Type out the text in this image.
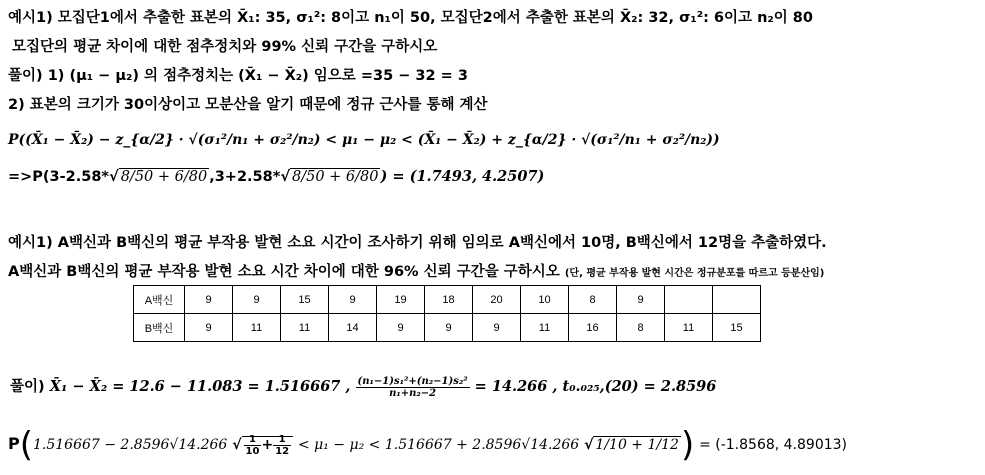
예시1) 모집단1에서 추출한 표본의 X̄₁: 35, σ₁²: 8이고 n₁이 50, 모집단2에서 추출한 표본의 X̄₂: 32, σ₁²: 6이고 n₂이 80
모집단의 평균 차이에 대한 점추정치와 99% 신뢰 구간을 구하시오
풀이) 1) (μ₁ − μ₂) 의 점추정치는 (X̄₁ − X̄₂) 임으로 =35 − 32 = 3
2) 표본의 크기가 30이상이고 모분산을 알기 때문에 정규 근사를 통해 계산
P((X̄₁ − X̄₂) − z_{α/2} · √(σ₁²/n₁ + σ₂²/n₂) < μ₁ − μ₂ < (X̄₁ − X̄₂) + z_{α/2} · √(σ₁²/n₁ + σ₂²/n₂))
=>P(3-2.58*√ 8/50 + 6/80 ,3+2.58*√ 8/50 + 6/80 ) = (1.7493, 4.2507)
예시1) A백신과 B백신의 평균 부작용 발현 소요 시간이 조사하기 위해 임의로 A백신에서 10명, B백신에서 12명을 추출하였다.
A백신과 B백신의 평균 부작용 발현 소요 시간 차이에 대한 96% 신뢰 구간을 구하시오 (단, 평균 부작용 발현 시간은 정규분포를 따르고 등분산임)
A백신	9	9	15	9	19	18	20	10	8	9		
B백신	9	11	11	14	9	9	9	11	16	8	11	15
풀이) X̄₁ − X̄₂ = 12.6 − 11.083 = 1.516667 , $\frac{\text{(n₁−1)s₁²+(n₂−1)s₂²}}{\text{n₁+n₂−2}} = 14.266$ , t₀.₀₂₅,(20) = 2.8596
P(1.516667 − 2.8596√14.266 √ $\frac{1}{10} + \frac{1}{12} < \mu_1 - \mu_2 < 1.516667 + 2.8596√14.266$ √ 1/10 + 1/12) = (-1.8568, 4.89013)
